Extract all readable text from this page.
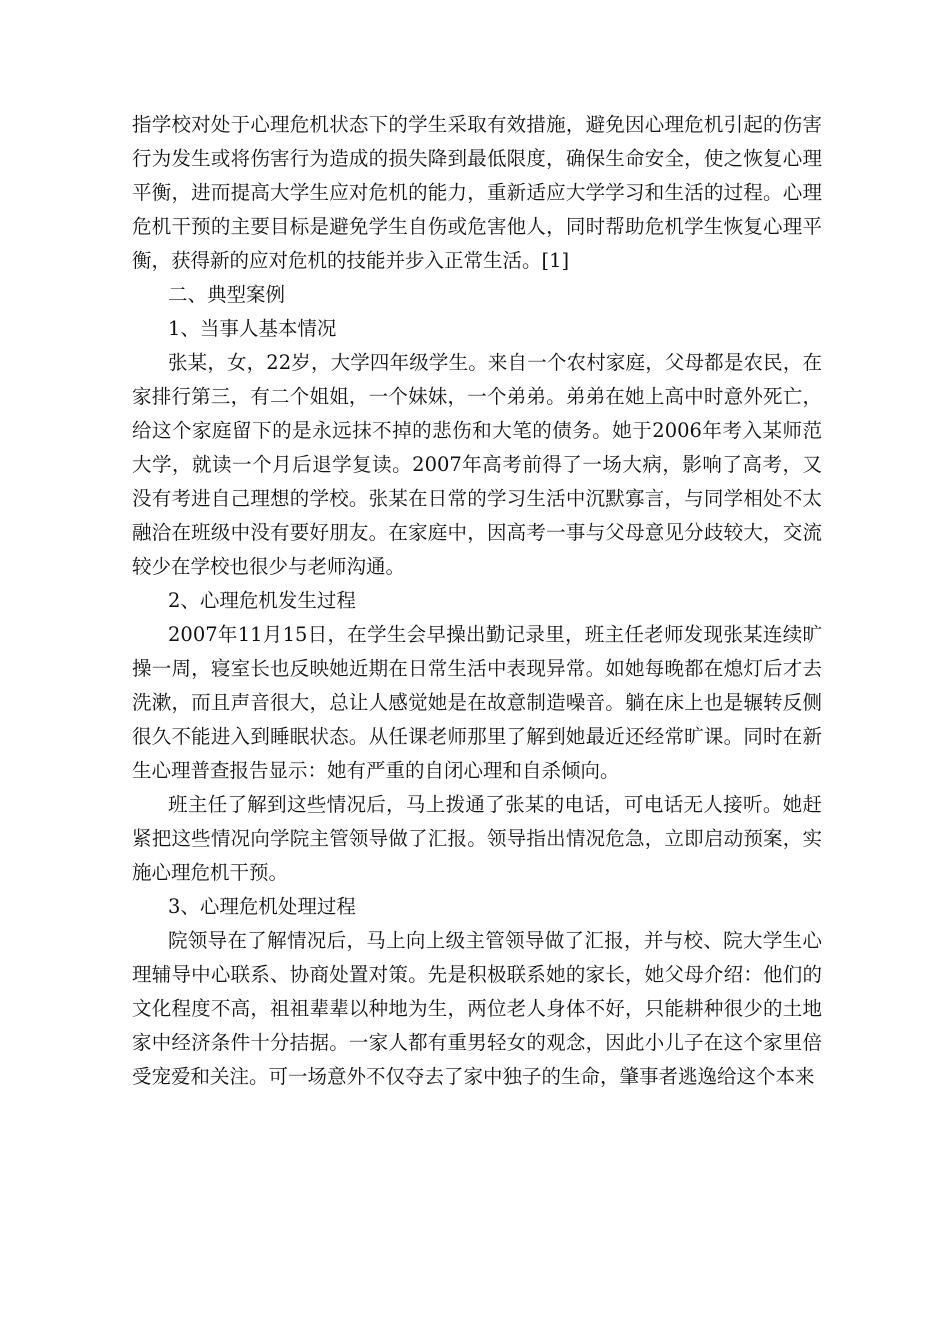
指学校对处于心理危机状态下的学生采取有效措施，避免因心理危机引起的伤害行为发生或将伤害行为造成的损失降到最低限度，确保生命安全，使之恢复心理平衡，进而提高大学生应对危机的能力，重新适应大学学习和生活的过程。心理危机干预的主要目标是避免学生自伤或危害他人，同时帮助危机学生恢复心理平衡，获得新的应对危机的技能并步入正常生活。[1]

二、典型案例

1、当事人基本情况

张某，女，22岁，大学四年级学生。来自一个农村家庭，父母都是农民，在家排行第三，有二个姐姐，一个妹妹，一个弟弟。弟弟在她上高中时意外死亡，给这个家庭留下的是永远抹不掉的悲伤和大笔的债务。她于2006年考入某师范大学，就读一个月后退学复读。2007年高考前得了一场大病，影响了高考，又没有考进自己理想的学校。张某在日常的学习生活中沉默寡言，与同学相处不太融洽在班级中没有要好朋友。在家庭中，因高考一事与父母意见分歧较大，交流较少在学校也很少与老师沟通。

2、心理危机发生过程

2007年11月15日，在学生会早操出勤记录里，班主任老师发现张某连续旷操一周，寝室长也反映她近期在日常生活中表现异常。如她每晚都在熄灯后才去洗漱，而且声音很大，总让人感觉她是在故意制造噪音。躺在床上也是辗转反侧很久不能进入到睡眠状态。从任课老师那里了解到她最近还经常旷课。同时在新生心理普查报告显示：她有严重的自闭心理和自杀倾向。

班主任了解到这些情况后，马上拨通了张某的电话，可电话无人接听。她赶紧把这些情况向学院主管领导做了汇报。领导指出情况危急，立即启动预案，实施心理危机干预。

3、心理危机处理过程

院领导在了解情况后，马上向上级主管领导做了汇报，并与校、院大学生心理辅导中心联系、协商处置对策。先是积极联系她的家长，她父母介绍：他们的文化程度不高，祖祖辈辈以种地为生，两位老人身体不好，只能耕种很少的土地家中经济条件十分拮据。一家人都有重男轻女的观念，因此小儿子在这个家里倍受宠爱和关注。可一场意外不仅夺去了家中独子的生命，肇事者逃逸给这个本来
